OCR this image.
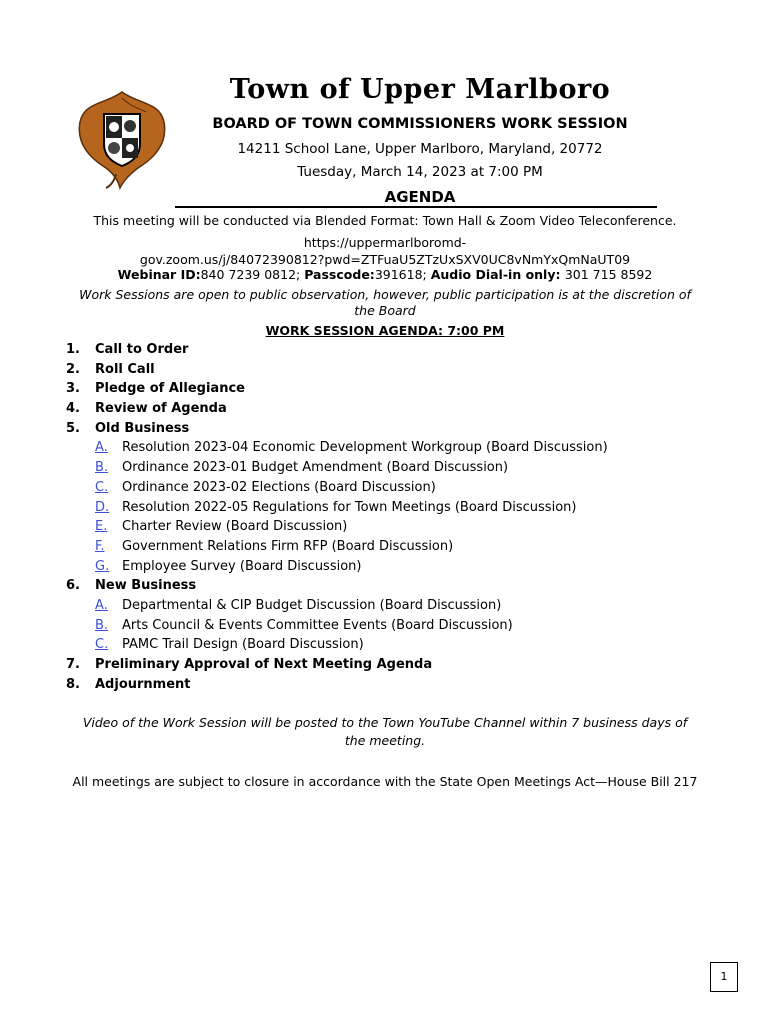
Town of Upper Marlboro
BOARD OF TOWN COMMISSIONERS WORK SESSION
14211 School Lane, Upper Marlboro, Maryland, 20772
Tuesday, March 14, 2023 at 7:00 PM
AGENDA
This meeting will be conducted via Blended Format: Town Hall & Zoom Video Teleconference.
https://uppermarlboromd-
gov.zoom.us/j/84072390812?pwd=ZTFuaU5ZTzUxSXV0UC8vNmYxQmNaUT09
Webinar ID:840 7239 0812; Passcode:391618; Audio Dial-in only: 301 715 8592
Work Sessions are open to public observation, however, public participation is at the discretion of
the Board
WORK SESSION AGENDA: 7:00 PM
1.	Call to Order
2.	Roll Call
3.	Pledge of Allegiance
4.	Review of Agenda
5.	Old Business
A.	Resolution 2023-04 Economic Development Workgroup (Board Discussion)
B.	Ordinance 2023-01 Budget Amendment (Board Discussion)
C.	Ordinance 2023-02 Elections (Board Discussion)
D. Resolution 2022-05 Regulations for Town Meetings (Board Discussion)
E.	Charter Review (Board Discussion)
F.	Government Relations Firm RFP (Board Discussion)
G. Employee Survey (Board Discussion)
6.	New Business
A.	Departmental & CIP Budget Discussion (Board Discussion)
B.	Arts Council & Events Committee Events (Board Discussion)
C.	PAMC Trail Design (Board Discussion)
7.	Preliminary Approval of Next Meeting Agenda
8.	Adjournment
Video of the Work Session will be posted to the Town YouTube Channel within 7 business days of
the meeting.
All meetings are subject to closure in accordance with the State Open Meetings Act—House Bill 217
1
